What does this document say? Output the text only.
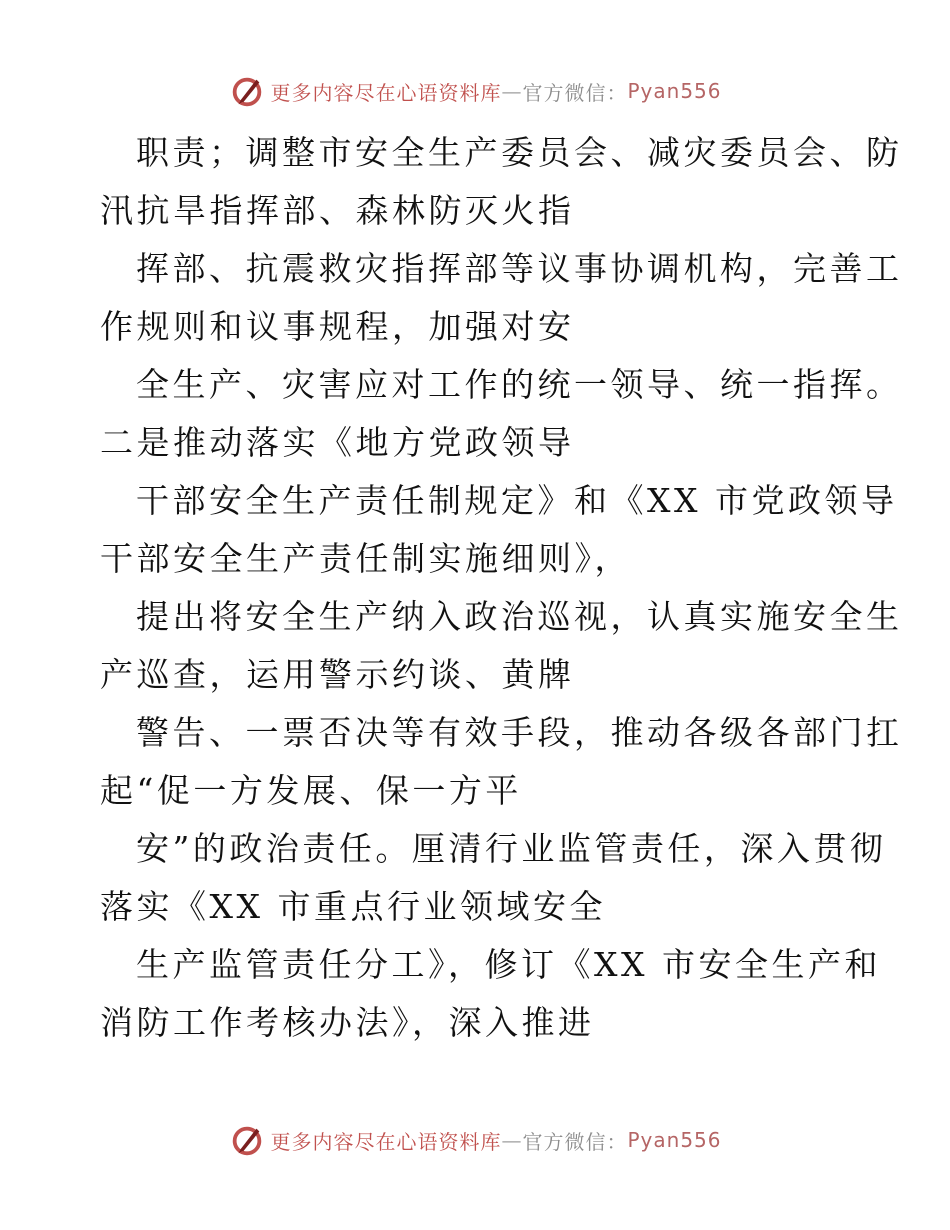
更多内容尽在心语资料库 — 官方微信： Pyan556

职责；调整市安全生产委员会、减灾委员会、防
汛抗旱指挥部、森林防灭火指

挥部、抗震救灾指挥部等议事协调机构，完善工
作规则和议事规程，加强对安

全生产、灾害应对工作的统一领导、统一指挥。
二是推动落实《地方党政领导

干部安全生产责任制规定》和《XX 市党政领导
干部安全生产责任制实施细则》，

提出将安全生产纳入政治巡视，认真实施安全生
产巡查，运用警示约谈、黄牌

警告、一票否决等有效手段，推动各级各部门扛
起“促一方发展、保一方平

安”的政治责任。厘清行业监管责任，深入贯彻
落实《XX 市重点行业领域安全

生产监管责任分工》，修订《XX 市安全生产和
消防工作考核办法》，深入推进

更多内容尽在心语资料库 — 官方微信： Pyan556
